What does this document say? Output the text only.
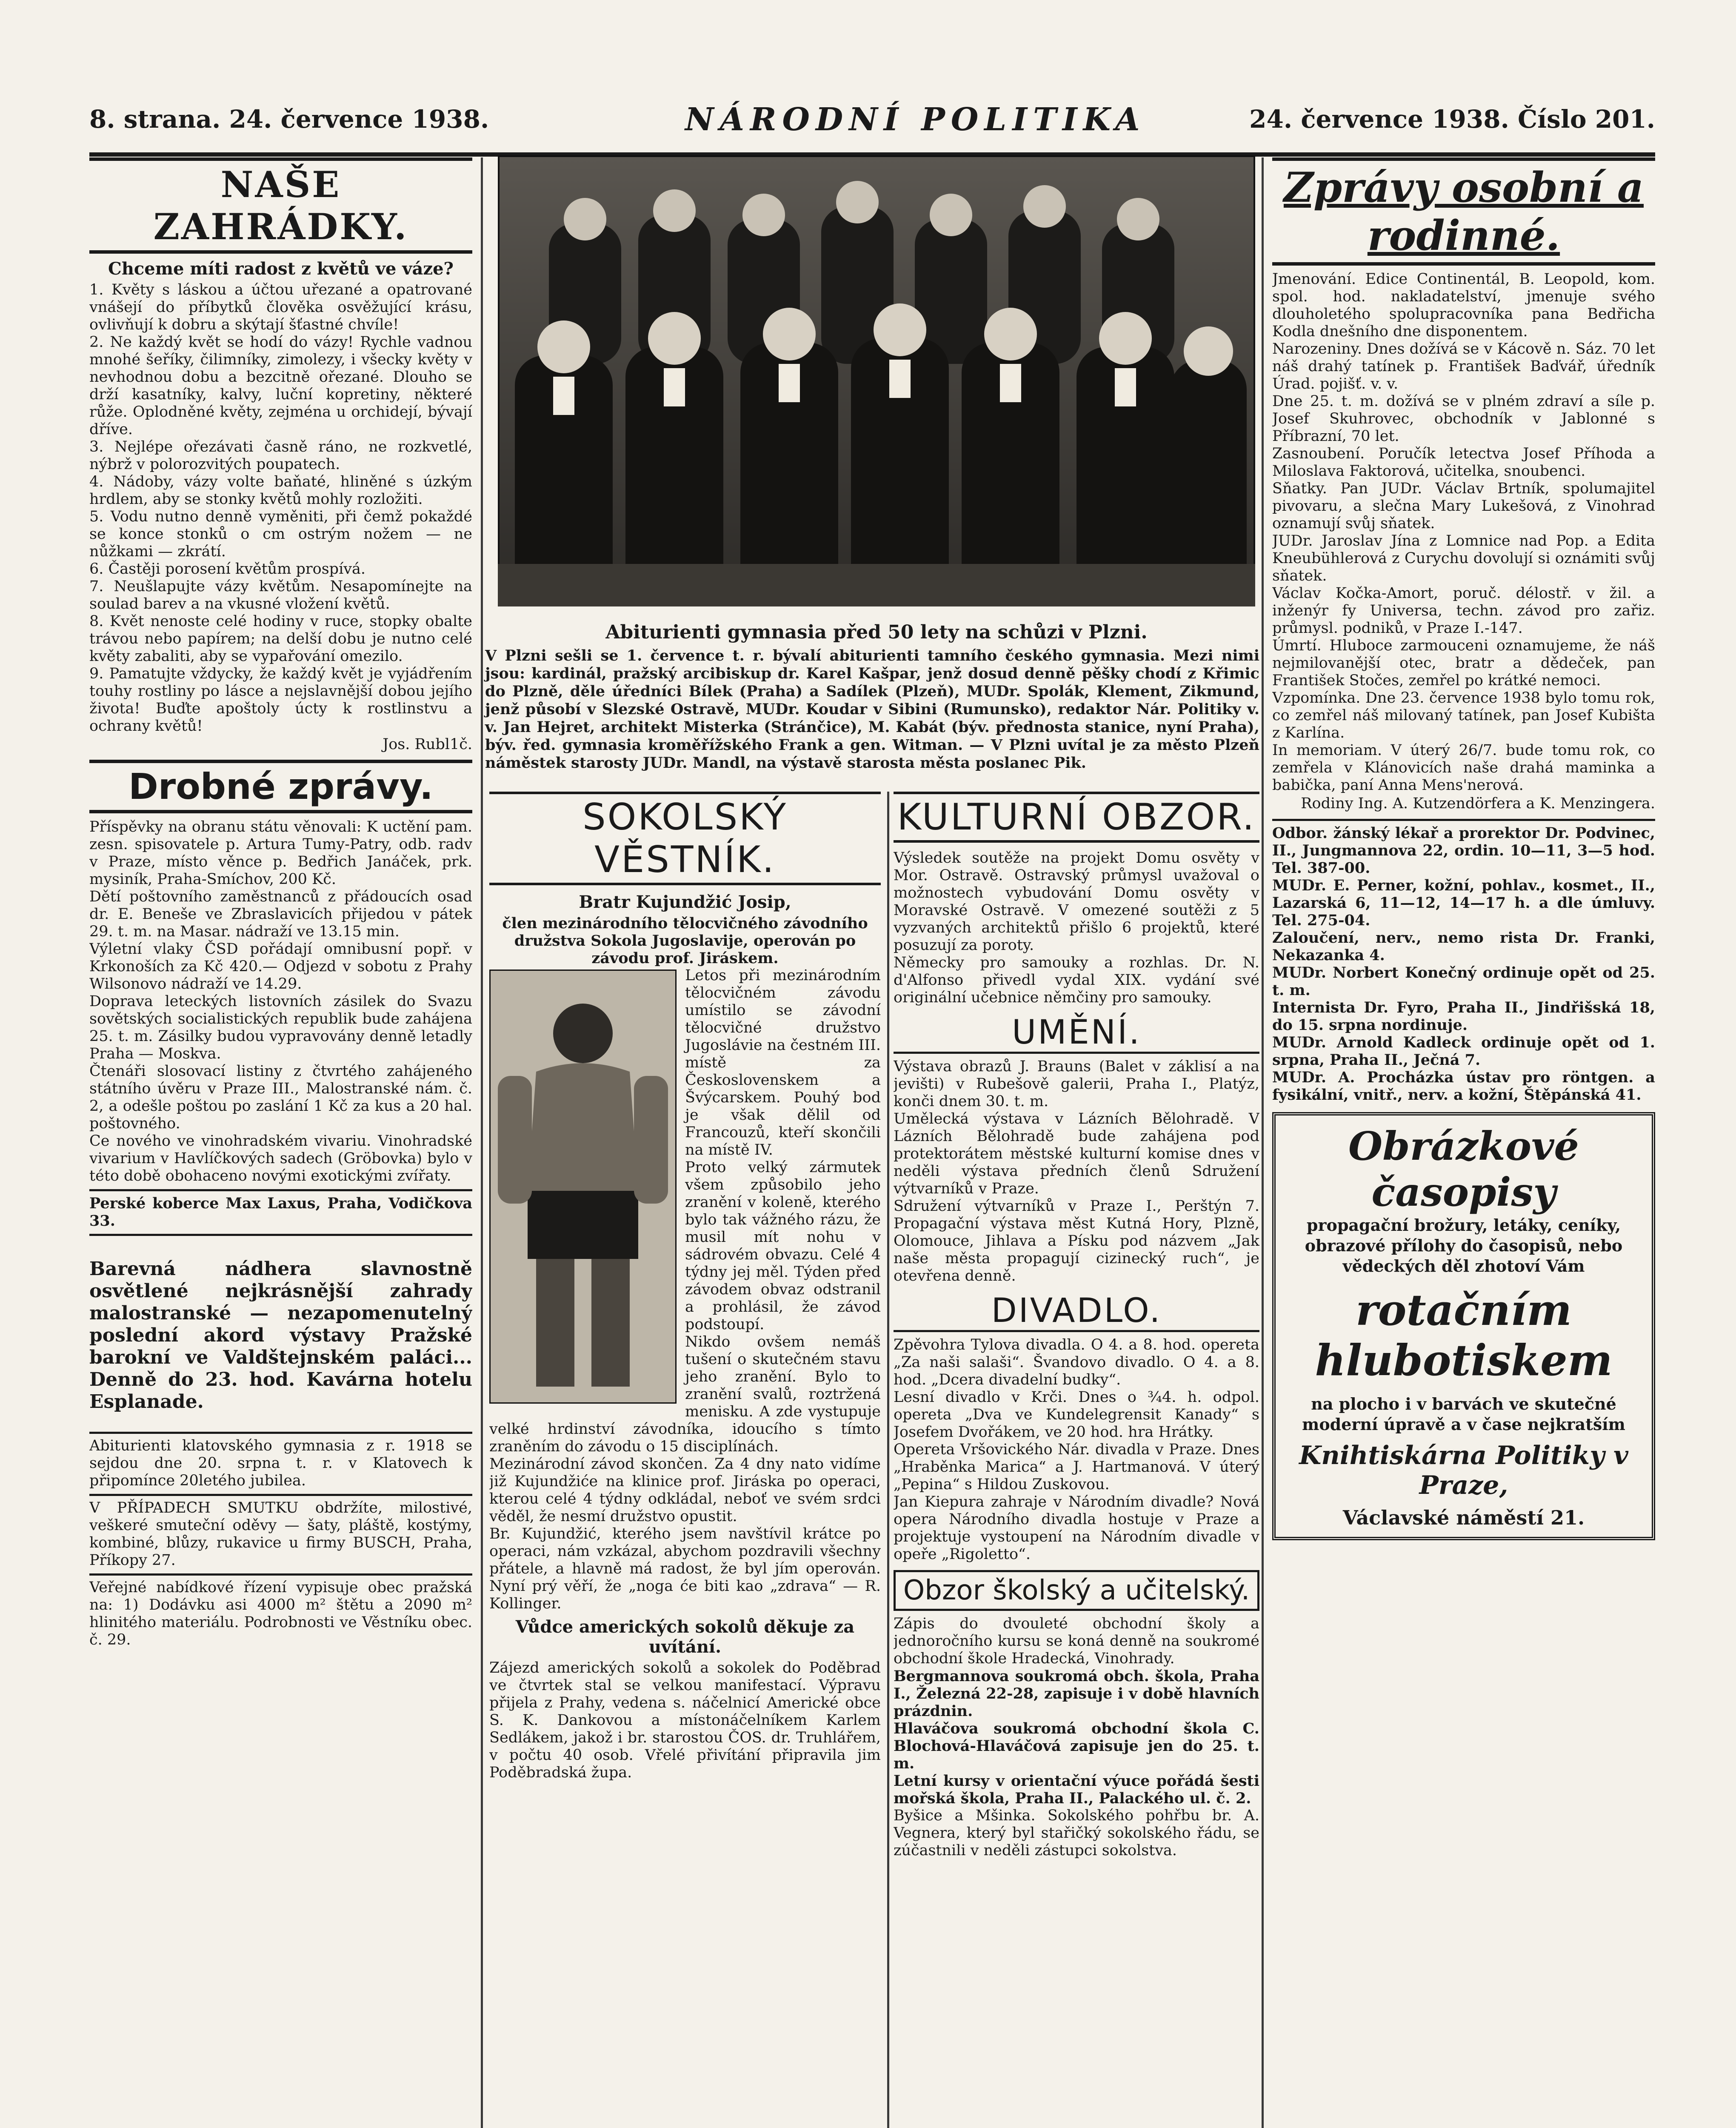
8. strana. 24. července 1938.	NÁRODNÍ POLITIKA	24. července 1938. Číslo 201.
NAŠE ZAHRÁDKY.

Chceme míti radost z květů ve váze?

1. Květy s láskou a účtou uřezané a opatrované vnášejí do příbytků člověka osvěžující krásu, ovlivňují k dobru a skýtají šťastné chvíle!

2. Ne každý květ se hodí do vázy! Rychle vadnou mnohé šeříky, čilimníky, zimolezy, i všecky květy v nevhodnou dobu a bezcitně ořezané. Dlouho se drží kasatníky, kalvy, luční kopretiny, některé růže. Oplodněné květy, zejména u orchidejí, bývají dříve.

3. Nejlépe ořezávati časně ráno, ne rozkvetlé, nýbrž v polorozvitých poupatech.

4. Nádoby, vázy volte baňaté, hliněné s úzkým hrdlem, aby se stonky květů mohly rozložiti.

5. Vodu nutno denně vyměniti, při čemž pokaždé se konce stonků o cm ostrým nožem — ne nůžkami — zkrátí.

6. Častěji porosení květům prospívá.

7. Neušlapujte vázy květům. Nesapomínejte na soulad barev a na vkusné vložení květů.

8. Květ nenoste celé hodiny v ruce, stopky obalte trávou nebo papírem; na delší dobu je nutno celé květy zabaliti, aby se vypařování omezilo.

9. Pamatujte vždycky, že každý květ je vyjádřením touhy rostliny po lásce a nejslavnější dobou jejího života! Buďte apoštoly úcty k rostlinstvu a ochrany květů!

Jos. Rubl1č.
Drobné zprávy.

Příspěvky na obranu státu věnovali: K uctění pam. zesn. spisovatele p. Artura Tumy-Patry, odb. radv v Praze, místo věnce p. Bedřich Janáček, prk. mysiník, Praha-Smíchov, 200 Kč.

Dětí poštovního zaměstnanců z přádoucích osad dr. E. Beneše ve Zbraslavicích přijedou v pátek 29. t. m. na Masar. nádraží ve 13.15 min.

Výletní vlaky ČSD pořádají omnibusní popř. v Krkonoších za Kč 420.— Odjezd v sobotu z Prahy Wilsonovo nádraží ve 14.29.

Doprava leteckých listovních zásilek do Svazu sovětských socialistických republik bude zahájena 25. t. m. Zásilky budou vypravovány denně letadly Praha — Moskva.

Čtenáři slosovací listiny z čtvrtého zahájeného státního úvěru v Praze III., Malostranské nám. č. 2, a odešle poštou po zaslání 1 Kč za kus a 20 hal. poštovného.

Ce nového ve vinohradském vivariu. Vinohradské vivarium v Havlíčkových sadech (Gröbovka) bylo v této době obohaceno novými exotickými zvířaty.

Perské koberce Max Laxus, Praha, Vodičkova 33.

Barevná nádhera slavnostně osvětlené nejkrásnější zahrady malostranské — nezapomenutelný poslední akord výstavy Pražské barokní ve Valdštejnském paláci... Denně do 23. hod. Kavárna hotelu Esplanade.

Abiturienti klatovského gymnasia z r. 1918 se sejdou dne 20. srpna t. r. v Klatovech k připomínce 20letého jubilea.

V PŘÍPADECH SMUTKU obdržíte, milostivé, veškeré smuteční oděvy — šaty, pláště, kostýmy, kombiné, blůzy, rukavice u firmy BUSCH, Praha, Příkopy 27.

Veřejné nabídkové řízení vypisuje obec pražská na: 1) Dodávku asi 4000 m² štětu a 2090 m² hlinitého materiálu. Podrobnosti ve Věstníku obec. č. 29.

Abiturienti gymnasia před 50 lety na schůzi v Plzni.
V Plzni sešli se 1. července t. r. bývalí abiturienti tamního českého gymnasia. Mezi nimi jsou: kardinál, pražský arcibiskup dr. Karel Kašpar, jenž dosud denně pěšky chodí z Křimic do Plzně, děle úředníci Bílek (Praha) a Sadílek (Plzeň), MUDr. Spolák, Klement, Zikmund, jenž působí v Slezské Ostravě, MUDr. Koudar v Sibini (Rumunsko), redaktor Nár. Politiky v. v. Jan Hejret, architekt Misterka (Stránčice), M. Kabát (býv. přednosta stanice, nyní Praha), býv. řed. gymnasia kroměřížského Frank a gen. Witman. — V Plzni uvítal je za město Plzeň náměstek starosty JUDr. Mandl, na výstavě starosta města poslanec Pik.
SOKOLSKÝ VĚSTNÍK.

Bratr Kujundžić Josip,

člen mezinárodního tělocvičného závodního družstva Sokola Jugoslavije, operován po závodu prof. Jiráskem.

Letos při mezinárodním tělocvičném závodu umístilo se závodní tělocvičné družstvo Jugoslávie na čestném III. místě za Československem a Švýcarskem. Pouhý bod je však dělil od Francouzů, kteří skončili na místě IV.

Proto velký zármutek všem způsobilo jeho zranění v koleně, kterého bylo tak vážného rázu, že musil mít nohu v sádrovém obvazu. Celé 4 týdny jej měl. Týden před závodem obvaz odstranil a prohlásil, že závod podstoupí.

Nikdo ovšem nemáš tušení o skutečném stavu jeho zranění. Bylo to zranění svalů, roztržená menisku. A zde vystupuje velké hrdinství závodníka, idoucího s tímto zraněním do závodu o 15 disciplínách.

Mezinárodní závod skončen. Za 4 dny nato vidíme již Kujundžiće na klinice prof. Jiráska po operaci, kterou celé 4 týdny odkládal, neboť ve svém srdci věděl, že nesmí družstvo opustit.

Br. Kujundžić, kterého jsem navštívil krátce po operaci, nám vzkázal, abychom pozdravili všechny přátele, a hlavně má radost, že byl jím operován. Nyní prý věří, že „noga će biti kao „zdrava“ — R. Kollinger.

Vůdce amerických sokolů děkuje za uvítání.

Zájezd amerických sokolů a sokolek do Poděbrad ve čtvrtek stal se velkou manifestací. Výpravu přijela z Prahy, vedena s. náčelnicí Americké obce S. K. Dankovou a místonáčelníkem Karlem Sedlákem, jakož i br. starostou ČOS. dr. Truhlářem, v počtu 40 osob. Vřelé přivítání připravila jim Poděbradská župa.

KULTURNÍ OBZOR.

Výsledek soutěže na projekt Domu osvěty v Mor. Ostravě. Ostravský průmysl uvažoval o možnostech vybudování Domu osvěty v Moravské Ostravě. V omezené soutěži z 5 vyzvaných architektů přišlo 6 projektů, které posuzují za poroty.

Německy pro samouky a rozhlas. Dr. N. d'Alfonso přivedl vydal XIX. vydání své originální učebnice němčiny pro samouky.

UMĚNÍ.

Výstava obrazů J. Brauns (Balet v záklisí a na jevišti) v Rubešově galerii, Praha I., Platýz, konči dnem 30. t. m.

Umělecká výstava v Lázních Bělohradě. V Lázních Bělohradě bude zahájena pod protektorátem městské kulturní komise dnes v neděli výstava předních členů Sdružení výtvarníků v Praze.

Sdružení výtvarníků v Praze I., Perštýn 7. Propagační výstava měst Kutná Hory, Plzně, Olomouce, Jihlava a Písku pod názvem „Jak naše města propagují cizinecký ruch“, je otevřena denně.

DIVADLO.

Zpěvohra Tylova divadla. O 4. a 8. hod. opereta „Za naši salaši“. Švandovo divadlo. O 4. a 8. hod. „Dcera divadelní budky“.

Lesní divadlo v Krči. Dnes o ¾4. h. odpol. opereta „Dva ve Kundelegrensit Kanady“ s Josefem Dvořákem, ve 20 hod. hra Hrátky.

Opereta Vršovického Nár. divadla v Praze. Dnes „Hraběnka Marica“ a J. Hartmanová. V úterý „Pepina“ s Hildou Zuskovou.

Jan Kiepura zahraje v Národním divadle? Nová opera Národního divadla hostuje v Praze a projektuje vystoupení na Národním divadle v opeře „Rigoletto“.

Obzor školský a učitelský.

Zápis do dvouleté obchodní školy a jednoročního kursu se koná denně na soukromé obchodní škole Hradecká, Vinohrady.

Bergmannova soukromá obch. škola, Praha I., Železná 22-28, zapisuje i v době hlavních prázdnin.

Hlaváčova soukromá obchodní škola C. Blochová-Hlaváčová zapisuje jen do 25. t. m.

Letní kursy v orientační výuce pořádá šesti mořská škola, Praha II., Palackého ul. č. 2.

Byšice a Mšinka. Sokolského pohřbu br. A. Vegnera, který byl stařičký sokolského řádu, se zúčastnili v neděli zástupci sokolstva.

Zprávy osobní a rodinné.

Jmenování. Edice Continentál, B. Leopold, kom. spol. hod. nakladatelství, jmenuje svého dlouholetého spolupracovníka pana Bedřicha Kodla dnešního dne disponentem.

Narozeniny. Dnes dožívá se v Kácově n. Sáz. 70 let náš drahý tatínek p. František Baďvář, úředník Úrad. pojišť. v. v.

Dne 25. t. m. dožívá se v plném zdraví a síle p. Josef Skuhrovec, obchodník v Jablonné s Příbrazní, 70 let.

Zasnoubení. Poručík letectva Josef Příhoda a Miloslava Faktorová, učitelka, snoubenci.

Sňatky. Pan JUDr. Václav Brtník, spolumajitel pivovaru, a slečna Mary Lukešová, z Vinohrad oznamují svůj sňatek.

JUDr. Jaroslav Jína z Lomnice nad Pop. a Edita Kneubühlerová z Curychu dovolují si oznámiti svůj sňatek.

Václav Kočka-Amort, poruč. délostř. v žil. a inženýr fy Universa, techn. závod pro zařiz. průmysl. podniků, v Praze I.-147.

Úmrtí. Hluboce zarmouceni oznamujeme, že náš nejmilovanější otec, bratr a dědeček, pan František Stočes, zemřel po krátké nemoci.

Vzpomínka. Dne 23. července 1938 bylo tomu rok, co zemřel náš milovaný tatínek, pan Josef Kubišta z Karlína.

In memoriam. V úterý 26/7. bude tomu rok, co zemřela v Klánovicích naše drahá maminka a babička, paní Anna Mens'nerová.

Rodiny Ing. A. Kutzendörfera a K. Menzingera.

Odbor. žánský lékař a prorektor Dr. Podvinec, II., Jungmannova 22, ordin. 10—11, 3—5 hod. Tel. 387-00.

MUDr. E. Perner, kožní, pohlav., kosmet., II., Lazarská 6, 11—12, 14—17 h. a dle úmluvy. Tel. 275-04.

Zaloučení, nerv., nemo rista Dr. Franki, Nekazanka 4.

MUDr. Norbert Konečný ordinuje opět od 25. t. m.

Internista Dr. Fyro, Praha II., Jindřišská 18, do 15. srpna nordinuje.

MUDr. Arnold Kadleck ordinuje opět od 1. srpna, Praha II., Ječná 7.

MUDr. A. Procházka ústav pro röntgen. a fysikální, vnitř., nerv. a kožní, Štěpánská 41.

Obrázkové časopisy
propagační brožury, letáky, ceníky, obrazové přílohy do časopisů, nebo vědeckých děl zhotoví Vám
rotačním hlubotiskem
na plocho i v barvách ve skutečné moderní úpravě a v čase nejkratším
Knihtiskárna Politiky v Praze,
Václavské náměstí 21.
